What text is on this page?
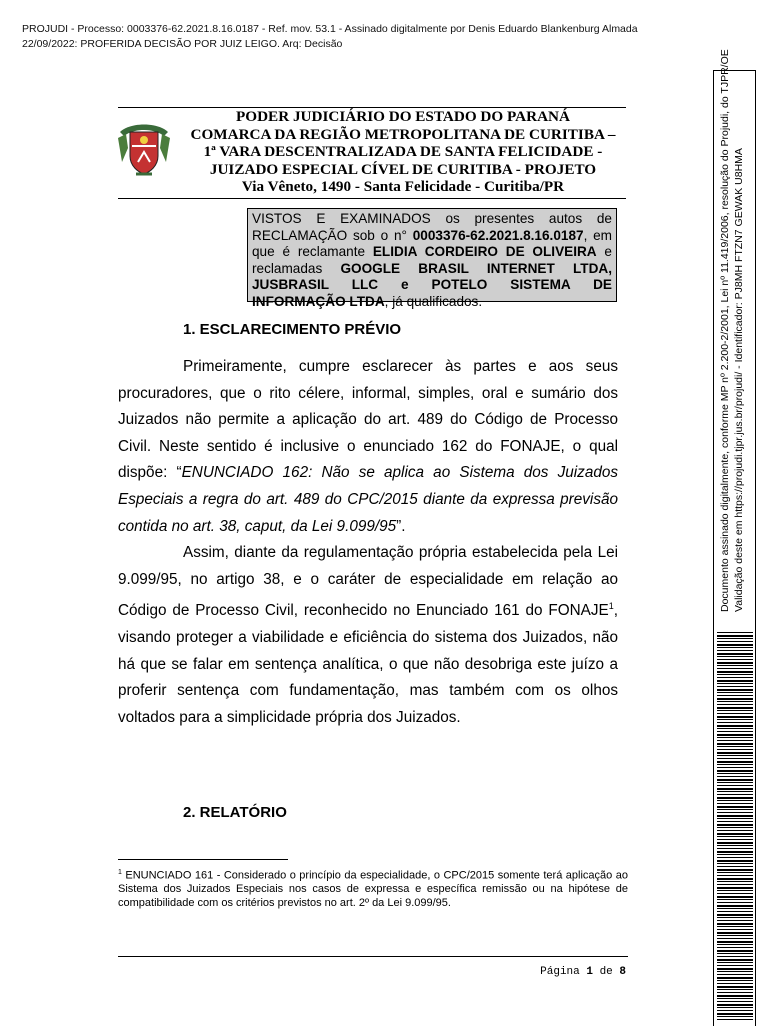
PROJUDI - Processo: 0003376-62.2021.8.16.0187 - Ref. mov. 53.1 - Assinado digitalmente por Denis Eduardo Blankenburg Almada
22/09/2022: PROFERIDA DECISÃO POR JUIZ LEIGO. Arq: Decisão
PODER JUDICIÁRIO DO ESTADO DO PARANÁ
COMARCA DA REGIÃO METROPOLITANA DE CURITIBA –
1ª VARA DESCENTRALIZADA DE SANTA FELICIDADE -
JUIZADO ESPECIAL CÍVEL DE CURITIBA - PROJETO
Via Vêneto, 1490 - Santa Felicidade - Curitiba/PR
VISTOS E EXAMINADOS os presentes autos de RECLAMAÇÃO sob o n° 0003376-62.2021.8.16.0187, em que é reclamante ELIDIA CORDEIRO DE OLIVEIRA e reclamadas GOOGLE BRASIL INTERNET LTDA, JUSBRASIL LLC e POTELO SISTEMA DE INFORMAÇÃO LTDA, já qualificados.
1. ESCLARECIMENTO PRÉVIO

Primeiramente, cumpre esclarecer às partes e aos seus procuradores, que o rito célere, informal, simples, oral e sumário dos Juizados não permite a aplicação do art. 489 do Código de Processo Civil. Neste sentido é inclusive o enunciado 162 do FONAJE, o qual dispõe: “ENUNCIADO 162: Não se aplica ao Sistema dos Juizados Especiais a regra do art. 489 do CPC/2015 diante da expressa previsão contida no art. 38, caput, da Lei 9.099/95”.

Assim, diante da regulamentação própria estabelecida pela Lei 9.099/95, no artigo 38, e o caráter de especialidade em relação ao Código de Processo Civil, reconhecido no Enunciado 161 do FONAJE$^1$, visando proteger a viabilidade e eficiência do sistema dos Juizados, não há que se falar em sentença analítica, o que não desobriga este juízo a proferir sentença com fundamentação, mas também com os olhos voltados para a simplicidade própria dos Juizados.

2. RELATÓRIO
$^1$ ENUNCIADO 161 - Considerado o princípio da especialidade, o CPC/2015 somente terá aplicação ao Sistema dos Juizados Especiais nos casos de expressa e específica remissão ou na hipótese de compatibilidade com os critérios previstos no art. 2º da Lei 9.099/95.
Página 1 de 8
Documento assinado digitalmente, conforme MP nº 2.200-2/2001, Lei nº 11.419/2006, resolução do Projudi, do TJPR/OE Validação deste em https://projudi.tjpr.jus.br/projudi/ - Identificador: PJ8MH FTZN7 GEWAK U8HMA
